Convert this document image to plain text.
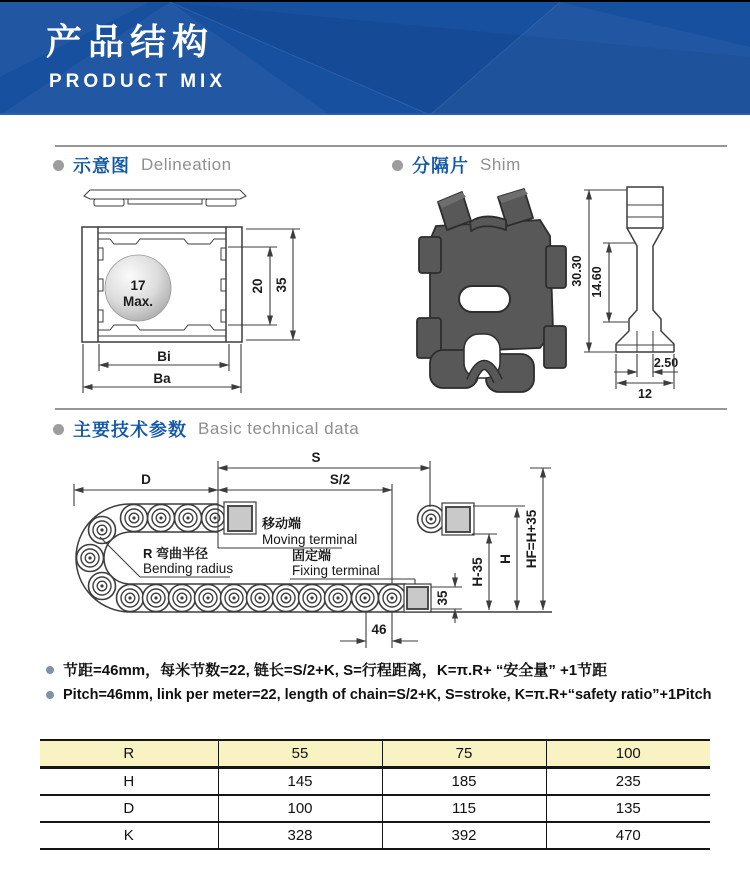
产品结构
PRODUCT MIX
示意图 Delineation	分隔片 Shim
主要技术参数 Basic technical data
17
Max.
20 35
Bi
Ba
30.30 14.60
2.50
12
S
S/2
D
移动端
Moving terminal
固定端
Fixing terminal
R 弯曲半径
Bending radius
46
35
H-35 H HF=H+35
节距=46mm，每米节数=22, 链长=S/2+K, S=行程距离，K=π.R+ “安全量” +1节距
Pitch=46mm, link per meter=22, length of chain=S/2+K, S=stroke, K=π.R+“safety ratio”+1Pitch
R	55	75	100
H	145	185	235
D	100	115	135
K	328	392	470
